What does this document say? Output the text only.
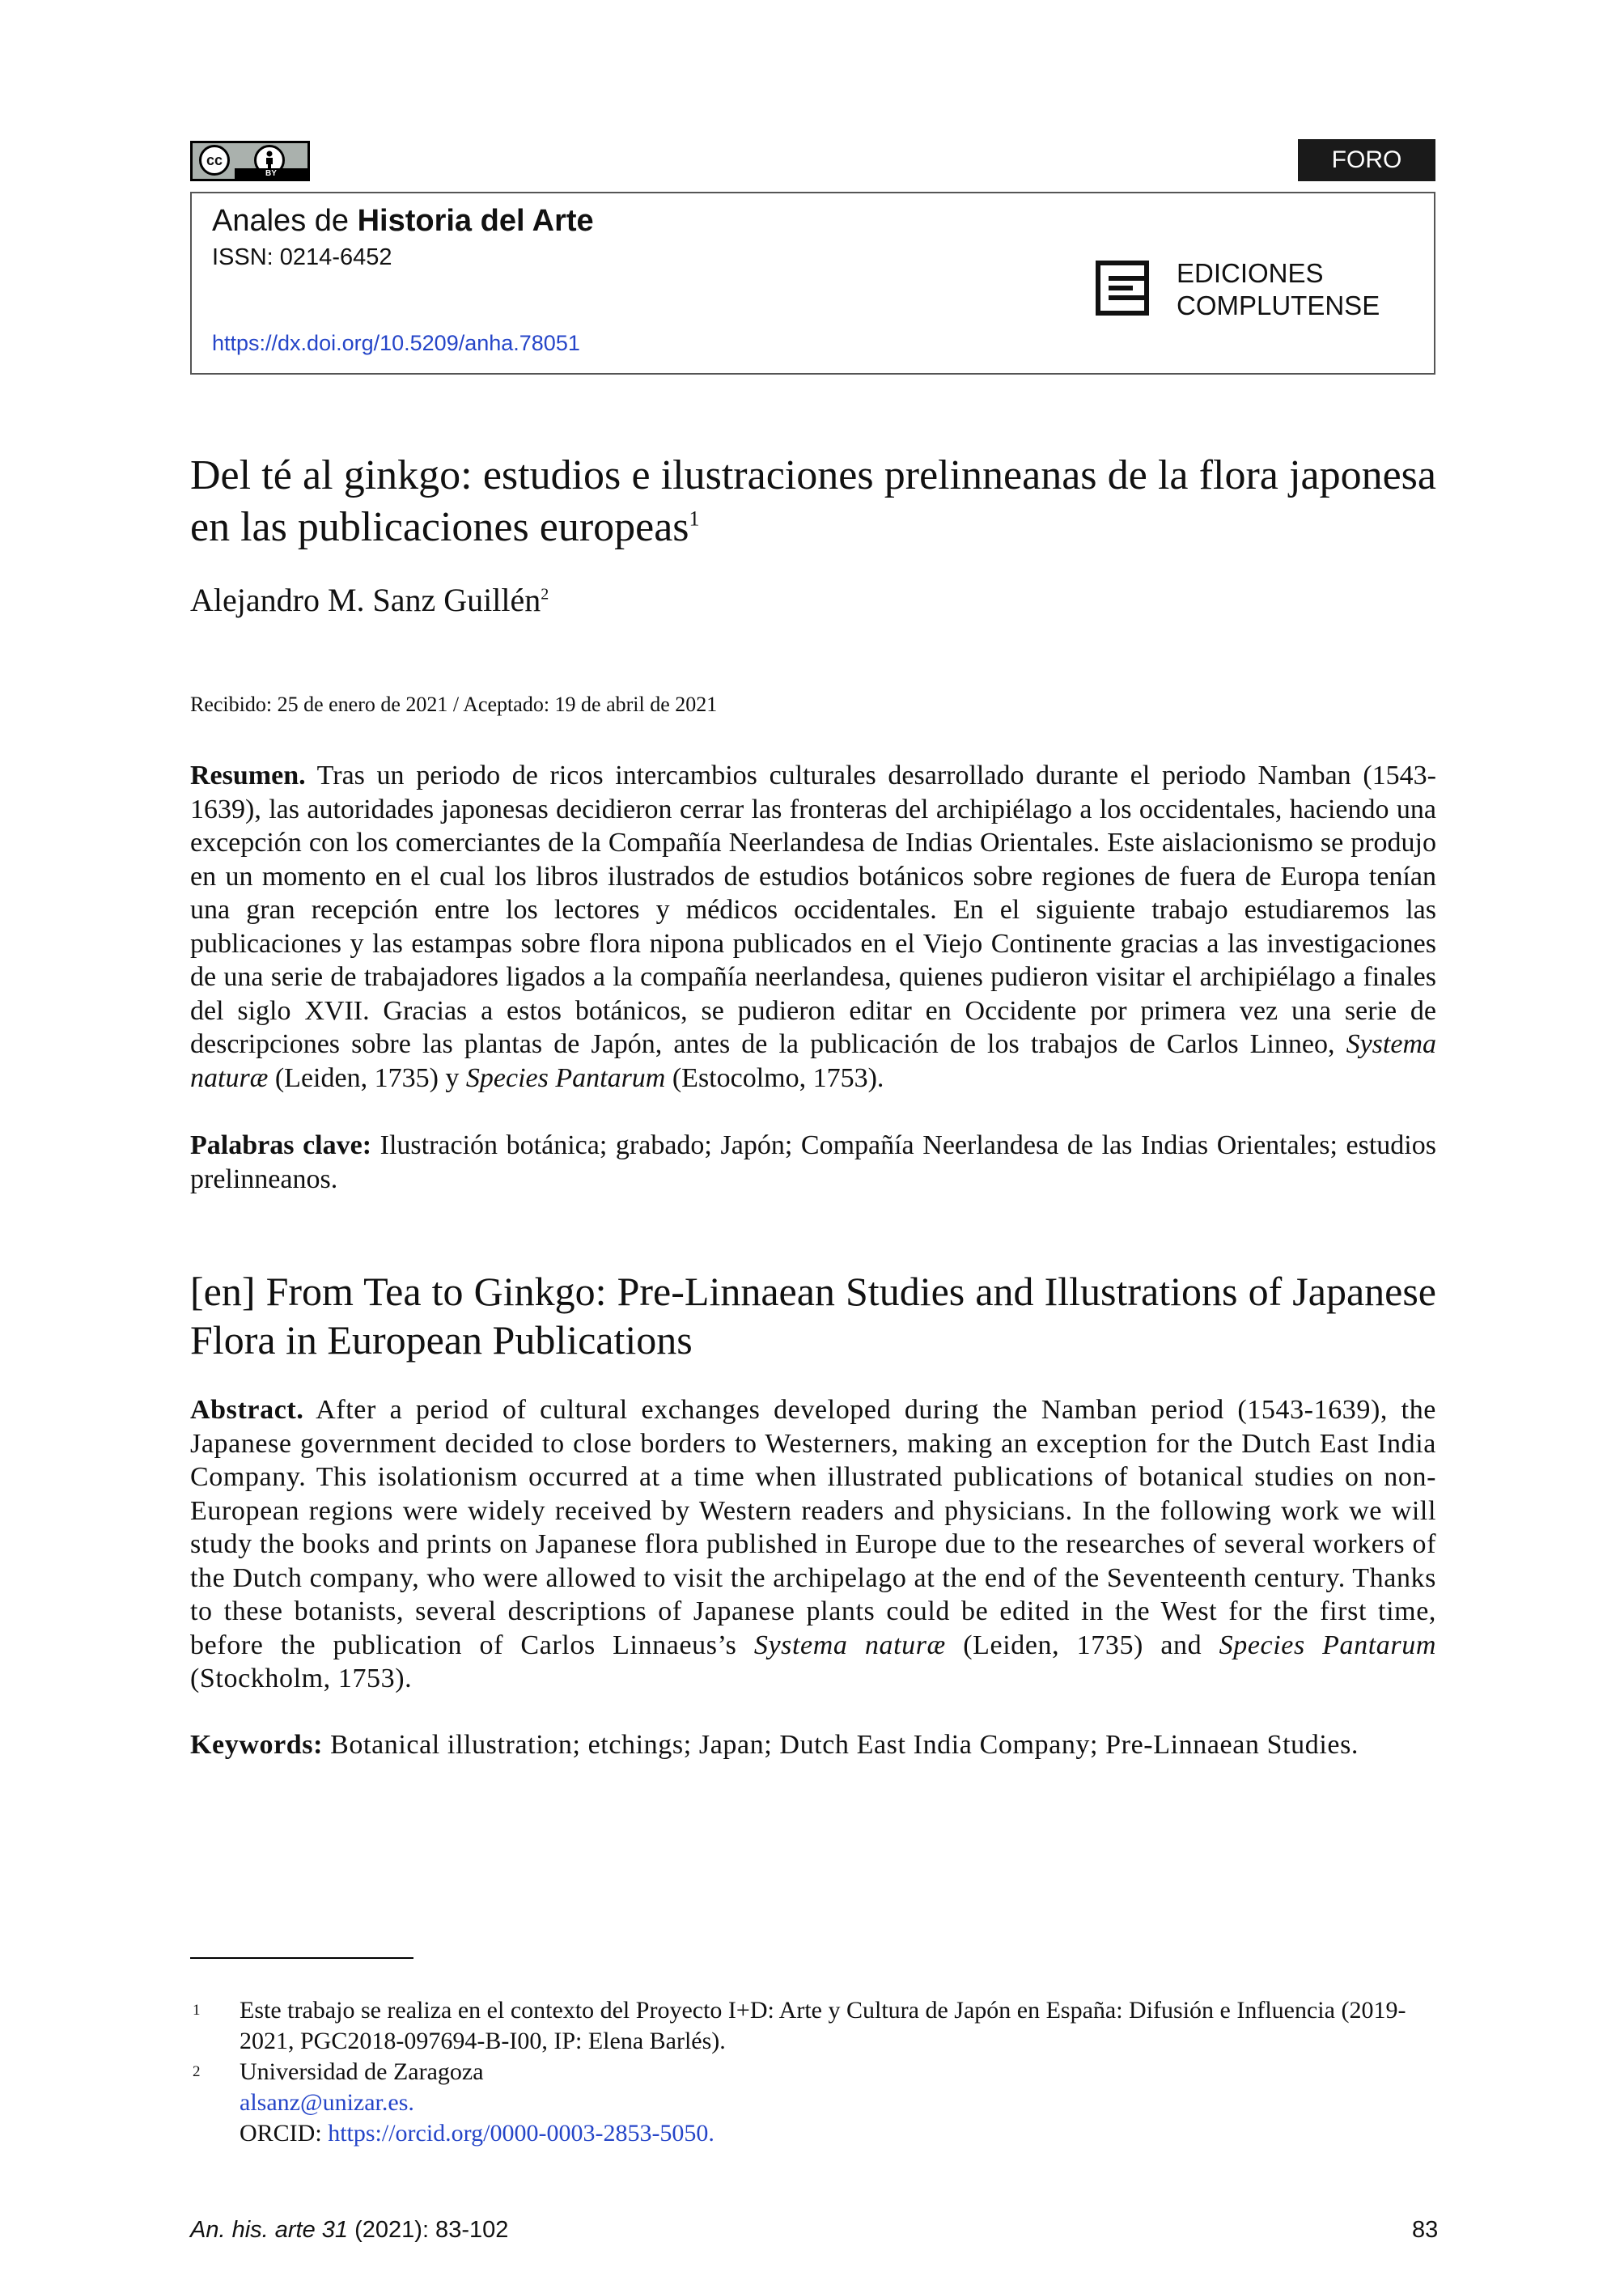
cc
BY
FORO
Anales de Historia del Arte
ISSN: 0214-6452
https://dx.doi.org/10.5209/anha.78051
EDICIONES
COMPLUTENSE
Del té al ginkgo: estudios e ilustraciones prelinneanas de la flora japonesa en las publicaciones europeas$^1$
Alejandro M. Sanz Guillén$^2$
Recibido: 25 de enero de 2021 / Aceptado: 19 de abril de 2021
Resumen. Tras un periodo de ricos intercambios culturales desarrollado durante el periodo Namban (1543-1639), las autoridades japonesas decidieron cerrar las fronteras del archipiélago a los occidentales, haciendo una excepción con los comerciantes de la Compañía Neerlandesa de Indias Orientales. Este aislacionismo se produjo en un momento en el cual los libros ilustrados de estudios botánicos sobre regiones de fuera de Europa tenían una gran recepción entre los lectores y médicos occidentales. En el siguiente trabajo estudiaremos las publicaciones y las estampas sobre flora nipona publicados en el Viejo Continente gracias a las investigaciones de una serie de trabajadores ligados a la compañía neerlandesa, quienes pudieron visitar el archipiélago a finales del siglo XVII. Gracias a estos botánicos, se pudieron editar en Occidente por primera vez una serie de descripciones sobre las plantas de Japón, antes de la publicación de los trabajos de Carlos Linneo, Systema naturæ (Leiden, 1735) y Species Pantarum (Estocolmo, 1753).
Palabras clave: Ilustración botánica; grabado; Japón; Compañía Neerlandesa de las Indias Orientales; estudios prelinneanos.
[en] From Tea to Ginkgo: Pre-Linnaean Studies and Illustrations of Japanese Flora in European Publications
Abstract. After a period of cultural exchanges developed during the Namban period (1543-1639), the Japanese government decided to close borders to Westerners, making an exception for the Dutch East India Company. This isolationism occurred at a time when illustrated publications of botanical studies on non-European regions were widely received by Western readers and physicians. In the following work we will study the books and prints on Japanese flora published in Europe due to the researches of several workers of the Dutch company, who were allowed to visit the archipelago at the end of the Seventeenth century. Thanks to these botanists, several descriptions of Japanese plants could be edited in the West for the first time, before the publication of Carlos Linnaeus’s Systema naturæ (Leiden, 1735) and Species Pantarum (Stockholm, 1753).
Keywords: Botanical illustration; etchings; Japan; Dutch East India Company; Pre-Linnaean Studies.
1 Este trabajo se realiza en el contexto del Proyecto I+D: Arte y Cultura de Japón en España: Difusión e Influencia (2019-2021, PGC2018-097694-B-I00, IP: Elena Barlés).
2 Universidad de Zaragoza
alsanz@unizar.es.
ORCID: https://orcid.org/0000-0003-2853-5050.
An. his. arte 31 (2021): 83-102	83
